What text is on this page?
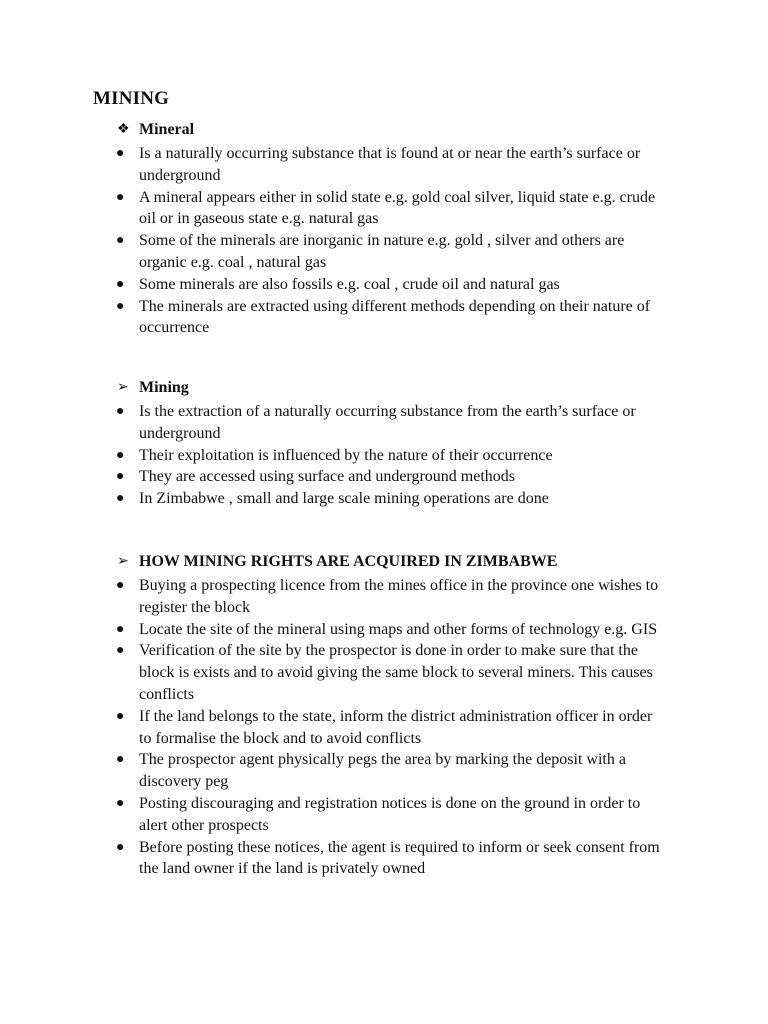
MINING
❖ Mineral
● Is a naturally occurring substance that is found at or near the earth’s surface or underground
● A mineral appears either in solid state e.g. gold coal silver, liquid state e.g. crude oil or in gaseous state e.g. natural gas
● Some of the minerals are inorganic in nature e.g. gold , silver and others are organic e.g. coal , natural gas
● Some minerals are also fossils e.g. coal , crude oil and natural gas
● The minerals are extracted using different methods depending on their nature of occurrence
➢ Mining
● Is the extraction of a naturally occurring substance from the earth’s surface or underground
● Their exploitation is influenced by the nature of their occurrence
● They are accessed using surface and underground methods
● In Zimbabwe , small and large scale mining operations are done
➢ HOW MINING RIGHTS ARE ACQUIRED IN ZIMBABWE
● Buying a prospecting licence from the mines office in the province one wishes to register the block
● Locate the site of the mineral using maps and other forms of technology e.g. GIS
● Verification of the site by the prospector is done in order to make sure that the block is exists and to avoid giving the same block to several miners. This causes conflicts
● If the land belongs to the state, inform the district administration officer in order to formalise the block and to avoid conflicts
● The prospector agent physically pegs the area by marking the deposit with a discovery peg
● Posting discouraging and registration notices is done on the ground in order to alert other prospects
● Before posting these notices, the agent is required to inform or seek consent from the land owner if the land is privately owned
